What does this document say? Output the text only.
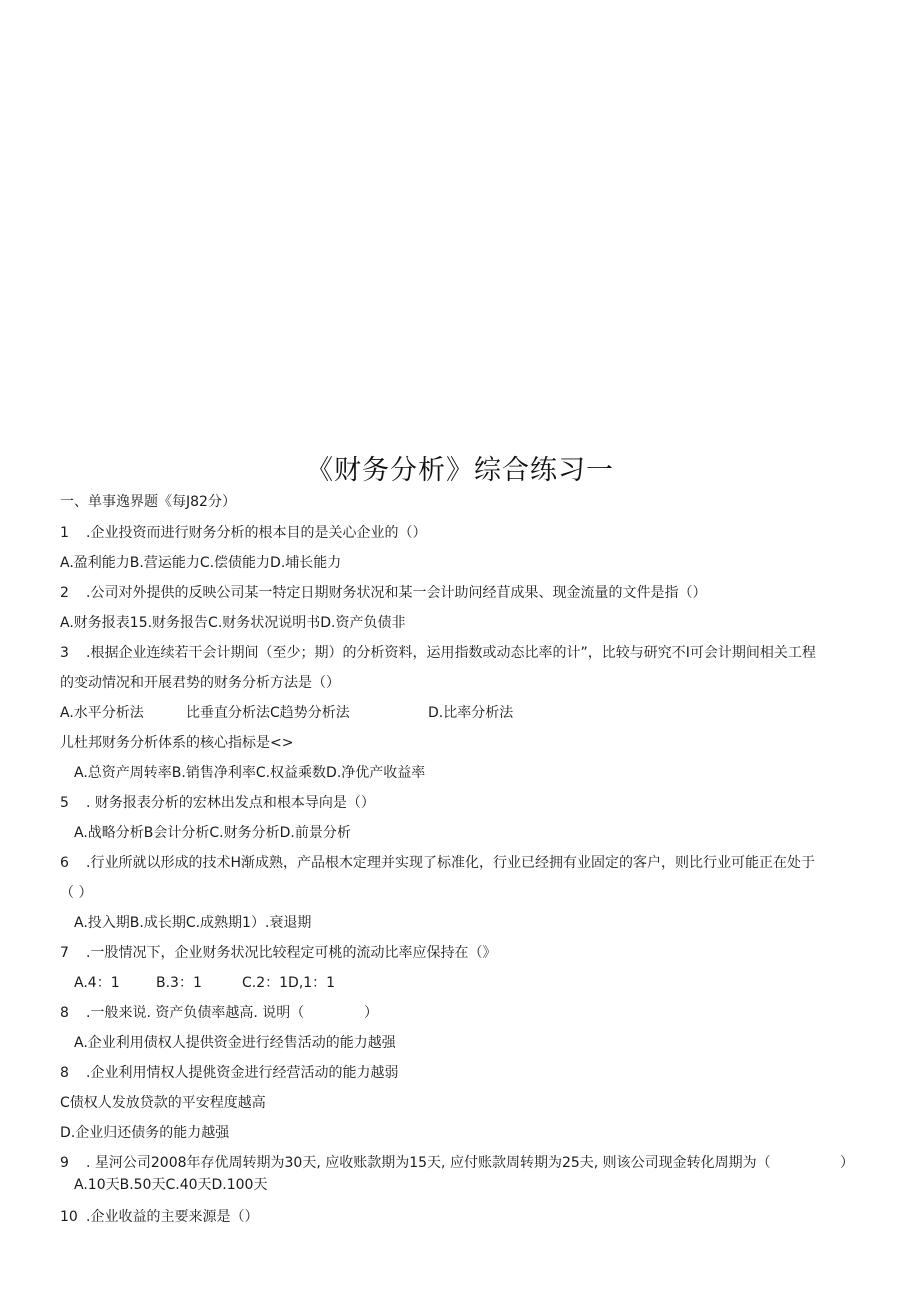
《财务分析》综合练习一
一、单事逸界题《每J82分）
1 .企业投资而进行财务分析的根本目的是关心企业的（）
A.盈利能力B.营运能力C.偿债能力D.埔长能力
2 .公司对外提供的反映公司某一特定日期财务状况和某一会计助问经苜成果、现金流量的文件是指（）
A.财务报表15.财务报告C.财务状况说明书D.资产负债非
3 .根据企业连续若干会计期间（至少；期）的分析资料，运用指数或动态比率的计”，比较与研究不I可会计期间相关工程
的变动情况和开展君势的财务分析方法是（）
A.水平分析法	比垂直分析法C趋势分析法	D.比率分析法
儿杜邦财务分析体系的核心指标是<>
A.总资产周转率B.销售净利率C.权益乘数D.净优产收益率
5 . 财务报表分析的宏林出发点和根本导向是（）
A.战略分析B会计分析C.财务分析D.前景分析
6 .行业所就以形成的技术H渐成熟，产品根木定理并实现了标准化，行业已经拥有业固定的客户，则比行业可能正在处于
（ ）
A.投入期B.成长期C.成熟期1）.衰退期
7 .一股情况下，企业财务状况比较程定可桃的流动比率应保持在（》
A.4：1	B.3：1	C.2：1D,1：1
8 .一般来说. 资产负债率越高. 说明（	）
A.企业利用债权人提供资金进行经售活动的能力越强
8 .企业利用情权人提佻资金进行经营活动的能力越弱
C债权人发放贷款的平安程度越高
D.企业归还债务的能力越强
9 . 星河公司2008年存优周转期为30天, 应收账款期为15天, 应付账款周转期为25夫, 则该公司现金转化周期为（	）
A.10天B.50天C.40天D.100天
10 .企业收益的主要来源是（）
